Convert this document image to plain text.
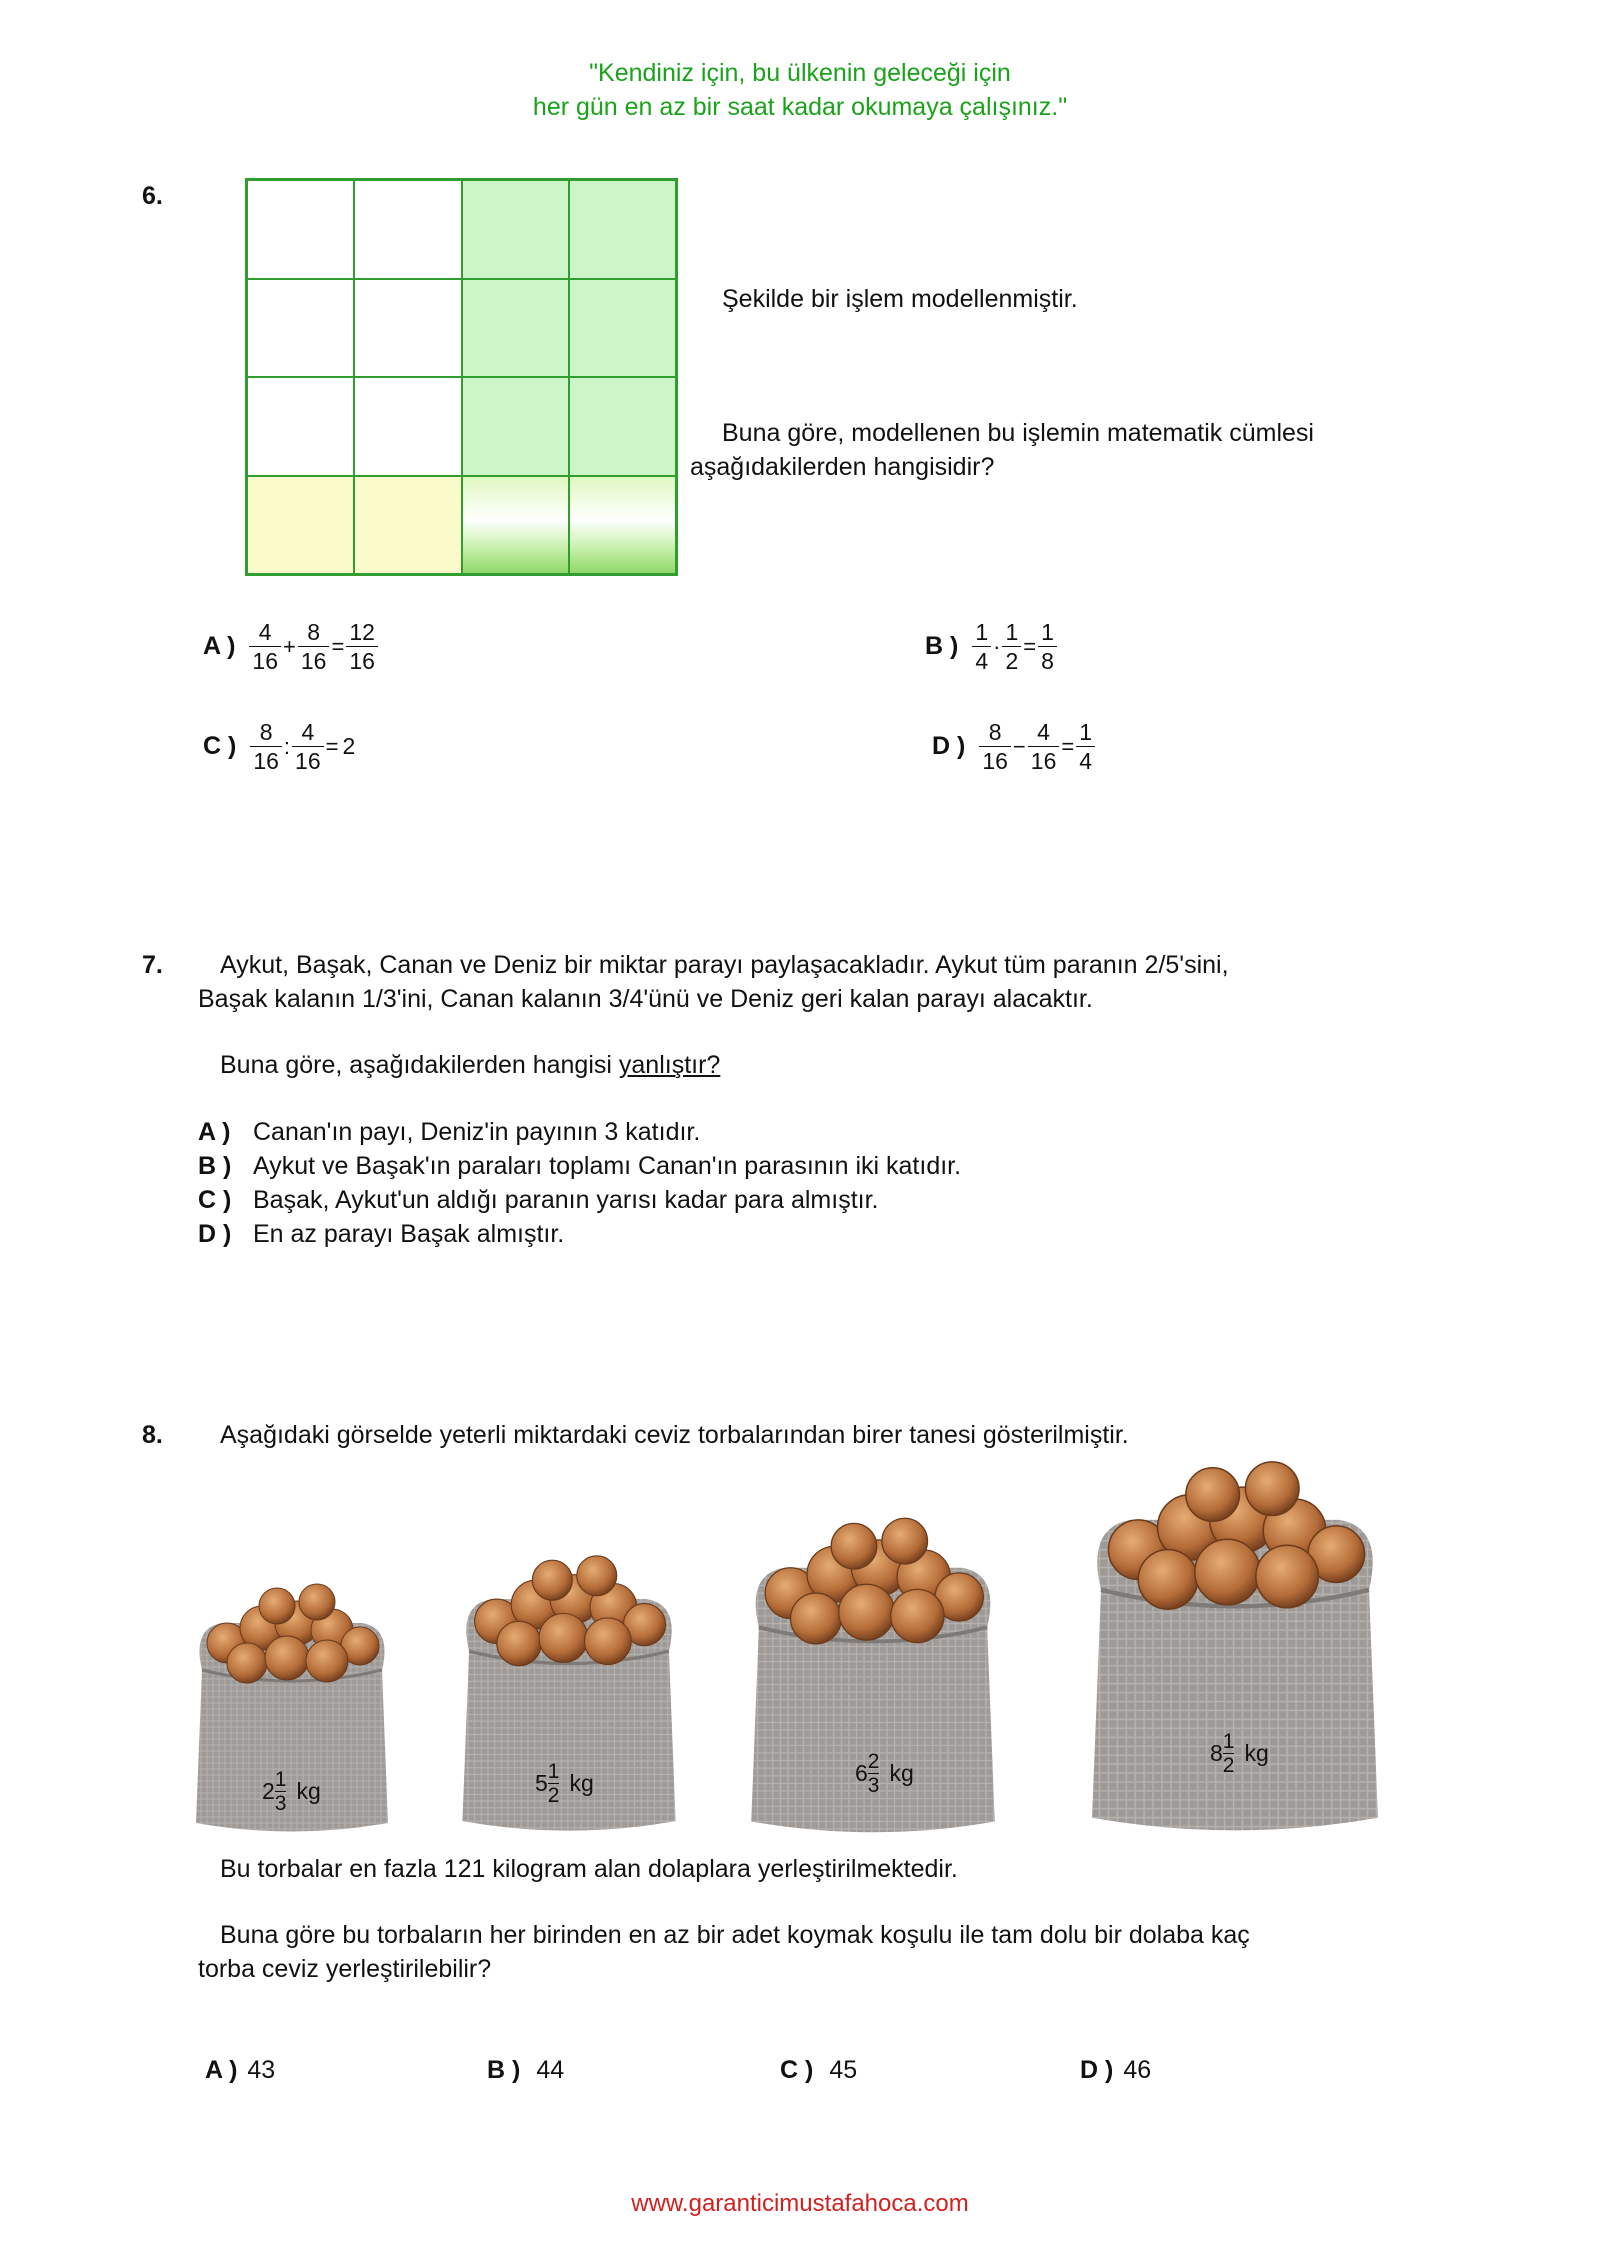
"Kendiniz için, bu ülkenin geleceği için
her gün en az bir saat kadar okumaya çalışınız."
6.
Şekilde bir işlem modellenmiştir.
Buna göre, modellenen bu işlemin matematik cümlesi
aşağıdakilerden hangisidir?
A ) $\frac{4}{16} + \frac{8}{16} = \frac{12}{16}$	B ) $\frac{1}{4} \cdot \frac{1}{2} = \frac{1}{8}$
C ) $\frac{8}{16}$ : $\frac{4}{16} = 2$	D ) $\frac{8}{16} - \frac{4}{16} = \frac{1}{4}$
7. Aykut, Başak, Canan ve Deniz bir miktar parayı paylaşacakladır. Aykut tüm paranın 2/5'sini,
Başak kalanın 1/3'ini, Canan kalanın 3/4'ünü ve Deniz geri kalan parayı alacaktır.
Buna göre, aşağıdakilerden hangisi yanlıştır?
A ) Canan'ın payı, Deniz'in payının 3 katıdır.
B ) Aykut ve Başak'ın paraları toplamı Canan'ın parasının iki katıdır.
C ) Başak, Aykut'un aldığı paranın yarısı kadar para almıştır.
D ) En az parayı Başak almıştır.
8. Aşağıdaki görselde yeterli miktardaki ceviz torbalarından birer tanesi gösterilmiştir.
2 1
3 kg	5 1
2 kg	6 2
3 kg
8 1
2 kg
Bu torbalar en fazla 121 kilogram alan dolaplara yerleştirilmektedir.
Buna göre bu torbaların her birinden en az bir adet koymak koşulu ile tam dolu bir dolaba kaç
torba ceviz yerleştirilebilir?
A ) 43	B ) 44	C ) 45	D ) 46
www.garanticimustafahoca.com
